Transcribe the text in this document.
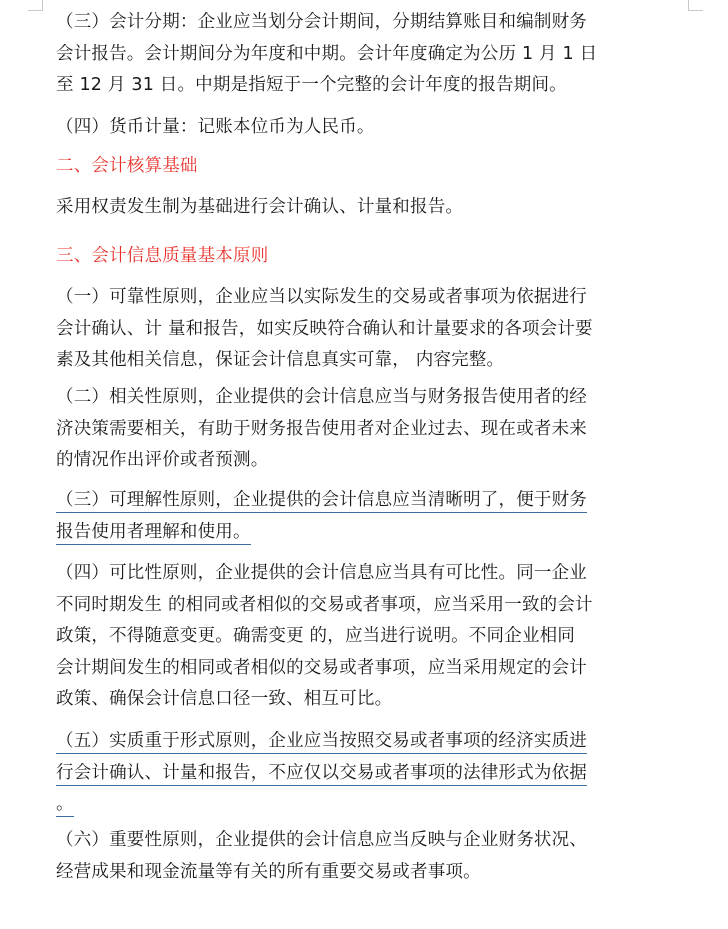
（三）会计分期：企业应当划分会计期间，分期结算账目和编制财务
会计报告。会计期间分为年度和中期。会计年度确定为公历 1 月 1 日
至 12 月 31 日。中期是指短于一个完整的会计年度的报告期间。

（四）货币计量：记账本位币为人民币。

二、会计核算基础

采用权责发生制为基础进行会计确认、计量和报告。

三、会计信息质量基本原则

（一）可靠性原则，企业应当以实际发生的交易或者事项为依据进行
会计确认、计 量和报告，如实反映符合确认和计量要求的各项会计要
素及其他相关信息，保证会计信息真实可靠， 内容完整。

（二）相关性原则，企业提供的会计信息应当与财务报告使用者的经
济决策需要相关，有助于财务报告使用者对企业过去、现在或者未来
的情况作出评价或者预测。

（三）可理解性原则，企业提供的会计信息应当清晰明了，便于财务
报告使用者理解和使用。

（四）可比性原则，企业提供的会计信息应当具有可比性。同一企业
不同时期发生 的相同或者相似的交易或者事项，应当采用一致的会计
政策，不得随意变更。确需变更 的，应当进行说明。不同企业相同
会计期间发生的相同或者相似的交易或者事项，应当采用规定的会计
政策、确保会计信息口径一致、相互可比。

（五）实质重于形式原则，企业应当按照交易或者事项的经济实质进
行会计确认、计量和报告，不应仅以交易或者事项的法律形式为依据
。

（六）重要性原则，企业提供的会计信息应当反映与企业财务状况、
经营成果和现金流量等有关的所有重要交易或者事项。
